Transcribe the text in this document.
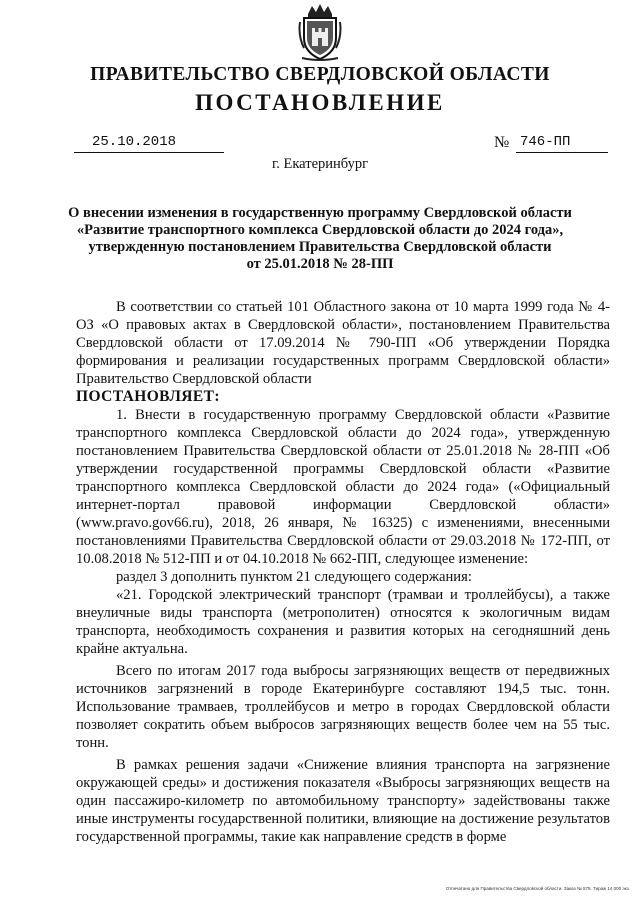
ПРАВИТЕЛЬСТВО СВЕРДЛОВСКОЙ ОБЛАСТИ
ПОСТАНОВЛЕНИЕ
25.10.2018	№ 746-ПП
г. Екатеринбург
О внесении изменения в государственную программу Свердловской области
«Развитие транспортного комплекса Свердловской области до 2024 года»,
утвержденную постановлением Правительства Свердловской области
от 25.01.2018 № 28-ПП

В соответствии со статьей 101 Областного закона от 10 марта 1999 года № 4-ОЗ «О правовых актах в Свердловской области», постановлением Правительства Свердловской области от 17.09.2014 № 790-ПП «Об утверждении Порядка формирования и реализации государственных программ Свердловской области» Правительство Свердловской области

ПОСТАНОВЛЯЕТ:

1. Внести в государственную программу Свердловской области «Развитие транспортного комплекса Свердловской области до 2024 года», утвержденную постановлением Правительства Свердловской области от 25.01.2018 № 28-ПП «Об утверждении государственной программы Свердловской области «Развитие транспортного комплекса Свердловской области до 2024 года» («Официальный интернет-портал правовой информации Свердловской области» (www.pravo.gov66.ru), 2018, 26 января, № 16325) с изменениями, внесенными постановлениями Правительства Свердловской области от 29.03.2018 № 172-ПП, от 10.08.2018 № 512-ПП и от 04.10.2018 № 662-ПП, следующее изменение:

раздел 3 дополнить пунктом 21 следующего содержания:

«21. Городской электрический транспорт (трамваи и троллейбусы), а также внеуличные виды транспорта (метрополитен) относятся к экологичным видам транспорта, необходимость сохранения и развития которых на сегодняшний день крайне актуальна.

Всего по итогам 2017 года выбросы загрязняющих веществ от передвижных источников загрязнений в городе Екатеринбурге составляют 194,5 тыс. тонн. Использование трамваев, троллейбусов и метро в городах Свердловской области позволяет сократить объем выбросов загрязняющих веществ более чем на 55 тыс. тонн.

В рамках решения задачи «Снижение влияния транспорта на загрязнение окружающей среды» и достижения показателя «Выбросы загрязняющих веществ на один пассажиро-километр по автомобильному транспорту» задействованы также иные инструменты государственной политики, влияющие на достижение результатов государственной программы, такие как направление средств в форме

Отпечатано для Правительства Свердловской области. Заказ № 579. Тираж 14 000 экз.
